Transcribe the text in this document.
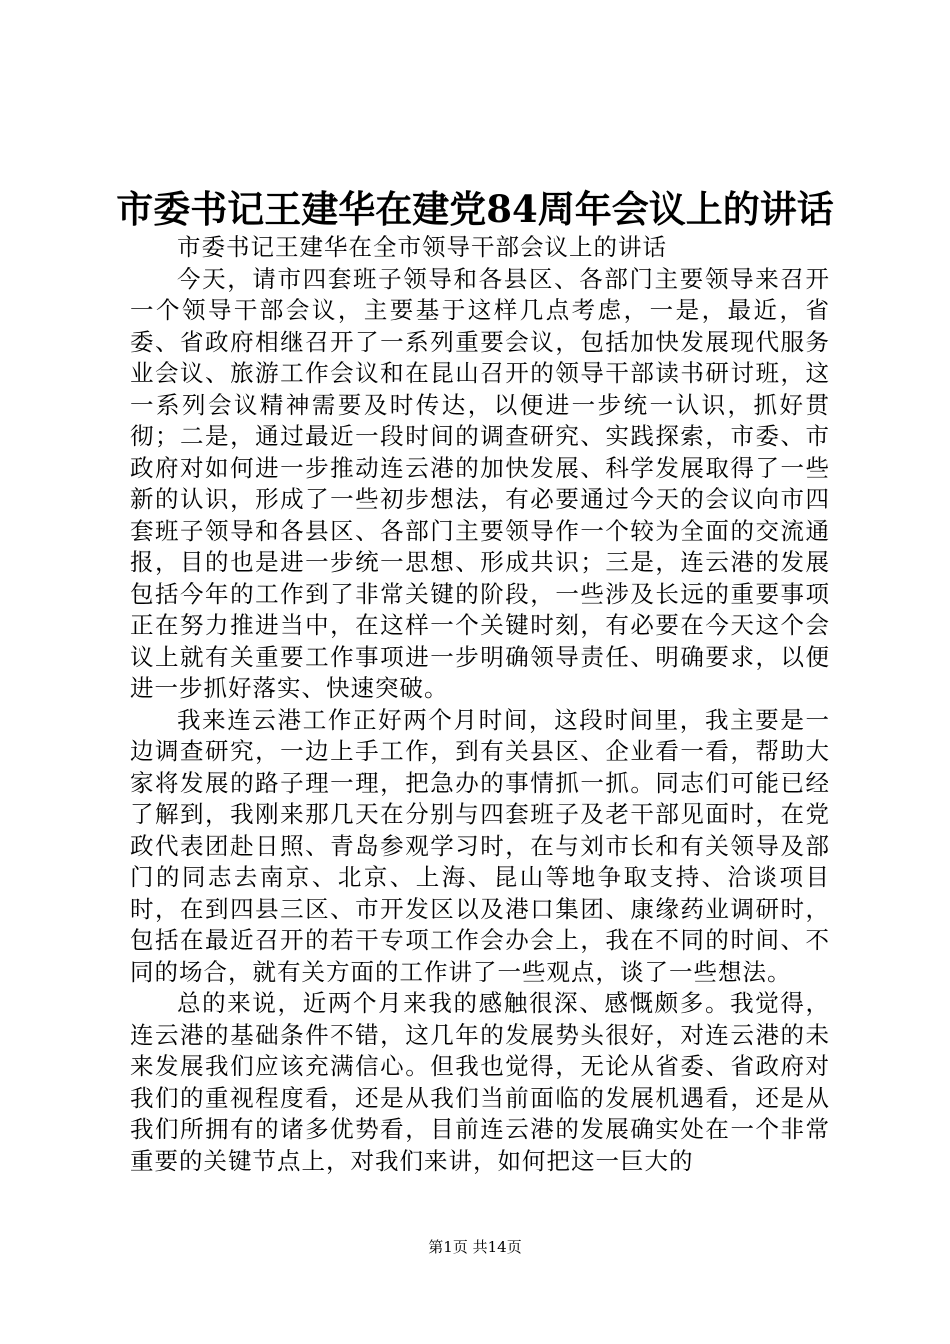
市委书记王建华在建党84周年会议上的讲话

市委书记王建华在全市领导干部会议上的讲话

今天，请市四套班子领导和各县区、各部门主要领导来召开一个领导干部会议，主要基于这样几点考虑，一是，最近，省委、省政府相继召开了一系列重要会议，包括加快发展现代服务业会议、旅游工作会议和在昆山召开的领导干部读书研讨班，这一系列会议精神需要及时传达，以便进一步统一认识，抓好贯彻；二是，通过最近一段时间的调查研究、实践探索，市委、市政府对如何进一步推动连云港的加快发展、科学发展取得了一些新的认识，形成了一些初步想法，有必要通过今天的会议向市四套班子领导和各县区、各部门主要领导作一个较为全面的交流通报，目的也是进一步统一思想、形成共识；三是，连云港的发展包括今年的工作到了非常关键的阶段，一些涉及长远的重要事项正在努力推进当中，在这样一个关键时刻，有必要在今天这个会议上就有关重要工作事项进一步明确领导责任、明确要求，以便进一步抓好落实、快速突破。

我来连云港工作正好两个月时间，这段时间里，我主要是一边调查研究，一边上手工作，到有关县区、企业看一看，帮助大家将发展的路子理一理，把急办的事情抓一抓。同志们可能已经了解到，我刚来那几天在分别与四套班子及老干部见面时，在党政代表团赴日照、青岛参观学习时，在与刘市长和有关领导及部门的同志去南京、北京、上海、昆山等地争取支持、洽谈项目时，在到四县三区、市开发区以及港口集团、康缘药业调研时，包括在最近召开的若干专项工作会办会上，我在不同的时间、不同的场合，就有关方面的工作讲了一些观点，谈了一些想法。

总的来说，近两个月来我的感触很深、感慨颇多。我觉得，连云港的基础条件不错，这几年的发展势头很好，对连云港的未来发展我们应该充满信心。但我也觉得，无论从省委、省政府对我们的重视程度看，还是从我们当前面临的发展机遇看，还是从我们所拥有的诸多优势看，目前连云港的发展确实处在一个非常重要的关键节点上，对我们来讲，如何把这一巨大的

第1页 共14页
